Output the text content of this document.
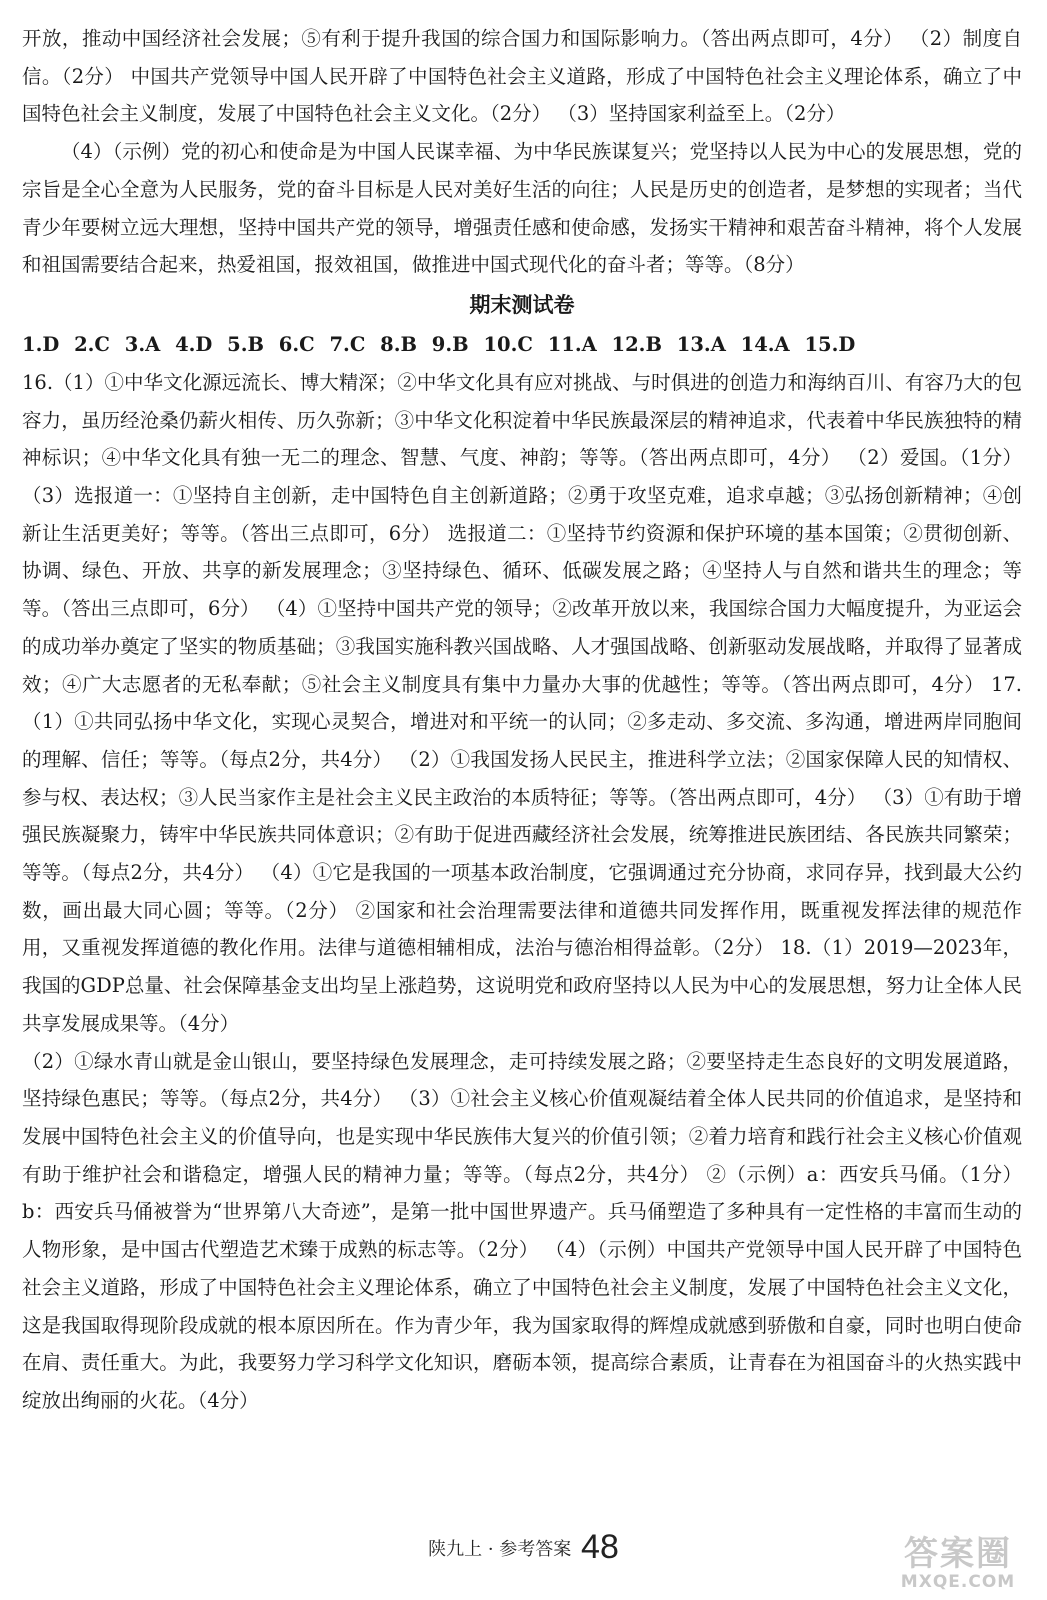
开放，推动中国经济社会发展；⑤有利于提升我国的综合国力和国际影响力。（答出两点即可，4分） （2）制度自信。（2分） 中国共产党领导中国人民开辟了中国特色社会主义道路，形成了中国特色社会主义理论体系，确立了中国特色社会主义制度，发展了中国特色社会主义文化。（2分） （3）坚持国家利益至上。（2分）

（4）（示例）党的初心和使命是为中国人民谋幸福、为中华民族谋复兴；党坚持以人民为中心的发展思想，党的宗旨是全心全意为人民服务，党的奋斗目标是人民对美好生活的向往；人民是历史的创造者，是梦想的实现者；当代青少年要树立远大理想，坚持中国共产党的领导，增强责任感和使命感，发扬实干精神和艰苦奋斗精神，将个人发展和祖国需要结合起来，热爱祖国，报效祖国，做推进中国式现代化的奋斗者；等等。（8分）

期末测试卷

1.D 2.C 3.A 4.D 5.B 6.C 7.C 8.B 9.B 10.C 11.A 12.B 13.A 14.A 15.D

16.（1）①中华文化源远流长、博大精深；②中华文化具有应对挑战、与时俱进的创造力和海纳百川、有容乃大的包容力，虽历经沧桑仍薪火相传、历久弥新；③中华文化积淀着中华民族最深层的精神追求，代表着中华民族独特的精神标识；④中华文化具有独一无二的理念、智慧、气度、神韵；等等。（答出两点即可，4分） （2）爱国。（1分） （3）选报道一：①坚持自主创新，走中国特色自主创新道路；②勇于攻坚克难，追求卓越；③弘扬创新精神；④创新让生活更美好；等等。（答出三点即可，6分） 选报道二：①坚持节约资源和保护环境的基本国策；②贯彻创新、协调、绿色、开放、共享的新发展理念；③坚持绿色、循环、低碳发展之路；④坚持人与自然和谐共生的理念；等等。（答出三点即可，6分） （4）①坚持中国共产党的领导；②改革开放以来，我国综合国力大幅度提升，为亚运会的成功举办奠定了坚实的物质基础；③我国实施科教兴国战略、人才强国战略、创新驱动发展战略，并取得了显著成效；④广大志愿者的无私奉献；⑤社会主义制度具有集中力量办大事的优越性；等等。（答出两点即可，4分） 17.（1）①共同弘扬中华文化，实现心灵契合，增进对和平统一的认同；②多走动、多交流、多沟通，增进两岸同胞间的理解、信任；等等。（每点2分，共4分） （2）①我国发扬人民民主，推进科学立法；②国家保障人民的知情权、参与权、表达权；③人民当家作主是社会主义民主政治的本质特征；等等。（答出两点即可，4分） （3）①有助于增强民族凝聚力，铸牢中华民族共同体意识；②有助于促进西藏经济社会发展，统筹推进民族团结、各民族共同繁荣；等等。（每点2分，共4分） （4）①它是我国的一项基本政治制度，它强调通过充分协商，求同存异，找到最大公约数，画出最大同心圆；等等。（2分） ②国家和社会治理需要法律和道德共同发挥作用，既重视发挥法律的规范作用，又重视发挥道德的教化作用。法律与道德相辅相成，法治与德治相得益彰。（2分） 18.（1）2019—2023年，我国的GDP总量、社会保障基金支出均呈上涨趋势，这说明党和政府坚持以人民为中心的发展思想，努力让全体人民共享发展成果等。（4分）

（2）①绿水青山就是金山银山，要坚持绿色发展理念，走可持续发展之路；②要坚持走生态良好的文明发展道路，坚持绿色惠民；等等。（每点2分，共4分） （3）①社会主义核心价值观凝结着全体人民共同的价值追求，是坚持和发展中国特色社会主义的价值导向，也是实现中华民族伟大复兴的价值引领；②着力培育和践行社会主义核心价值观有助于维护社会和谐稳定，增强人民的精神力量；等等。（每点2分，共4分） ②（示例）a：西安兵马俑。（1分）b：西安兵马俑被誉为“世界第八大奇迹”，是第一批中国世界遗产。兵马俑塑造了多种具有一定性格的丰富而生动的人物形象，是中国古代塑造艺术臻于成熟的标志等。（2分） （4）（示例）中国共产党领导中国人民开辟了中国特色社会主义道路，形成了中国特色社会主义理论体系，确立了中国特色社会主义制度，发展了中国特色社会主义文化，这是我国取得现阶段成就的根本原因所在。作为青少年，我为国家取得的辉煌成就感到骄傲和自豪，同时也明白使命在肩、责任重大。为此，我要努力学习科学文化知识，磨砺本领，提高综合素质，让青春在为祖国奋斗的火热实践中绽放出绚丽的火花。（4分）

陕九上 · 参考答案 48	答案圈
MXQE.COM
